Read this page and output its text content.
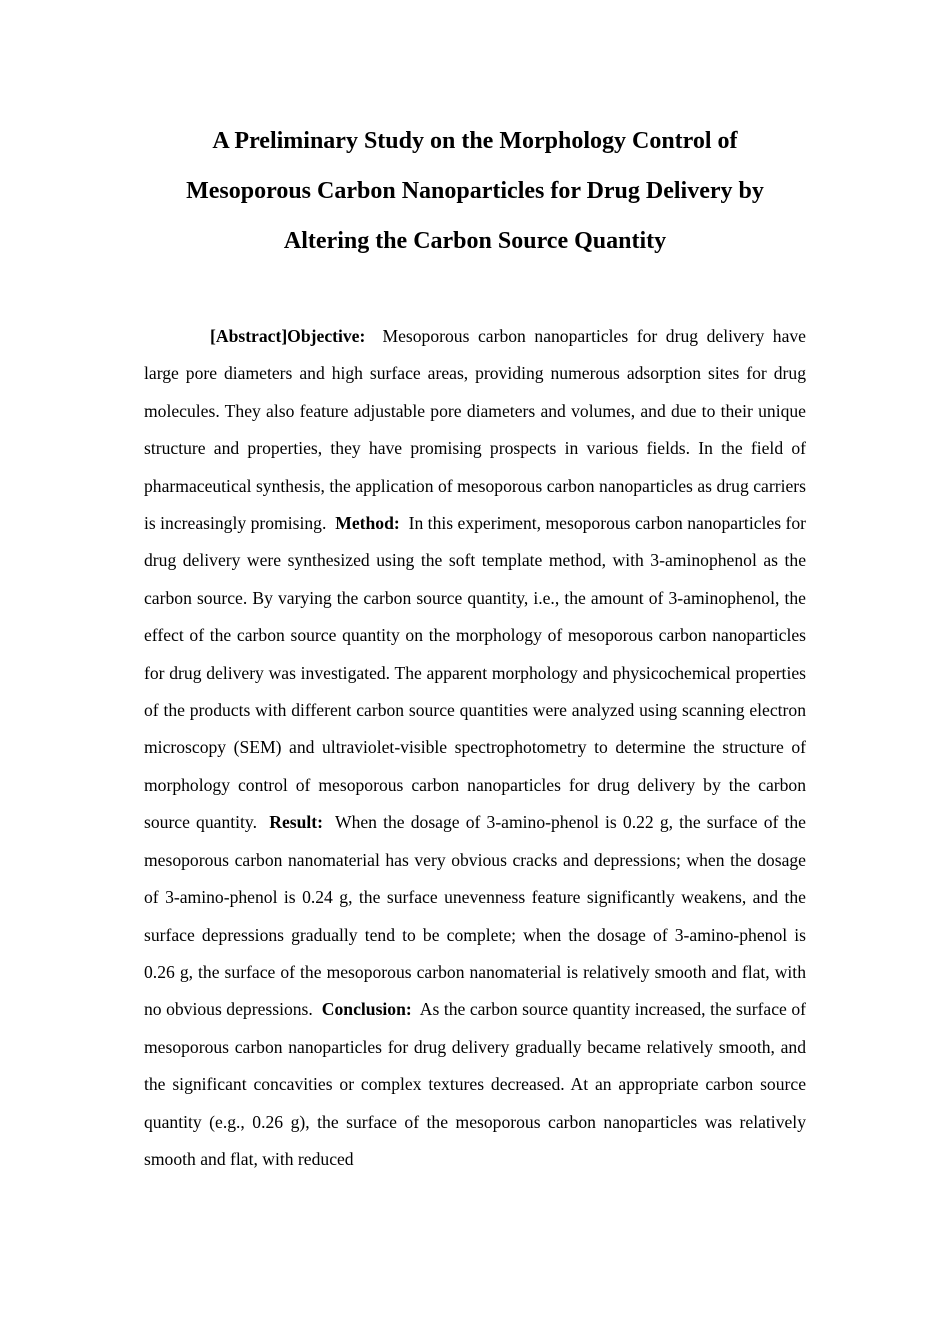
A Preliminary Study on the Morphology Control of Mesoporous Carbon Nanoparticles for Drug Delivery by Altering the Carbon Source Quantity

[Abstract]Objective: Mesoporous carbon nanoparticles for drug delivery have large pore diameters and high surface areas, providing numerous adsorption sites for drug molecules. They also feature adjustable pore diameters and volumes, and due to their unique structure and properties, they have promising prospects in various fields. In the field of pharmaceutical synthesis, the application of mesoporous carbon nanoparticles as drug carriers is increasingly promising. Method: In this experiment, mesoporous carbon nanoparticles for drug delivery were synthesized using the soft template method, with 3-aminophenol as the carbon source. By varying the carbon source quantity, i.e., the amount of 3-aminophenol, the effect of the carbon source quantity on the morphology of mesoporous carbon nanoparticles for drug delivery was investigated. The apparent morphology and physicochemical properties of the products with different carbon source quantities were analyzed using scanning electron microscopy (SEM) and ultraviolet-visible spectrophotometry to determine the structure of morphology control of mesoporous carbon nanoparticles for drug delivery by the carbon source quantity. Result: When the dosage of 3-amino-phenol is 0.22 g, the surface of the mesoporous carbon nanomaterial has very obvious cracks and depressions; when the dosage of 3-amino-phenol is 0.24 g, the surface unevenness feature significantly weakens, and the surface depressions gradually tend to be complete; when the dosage of 3-amino-phenol is 0.26 g, the surface of the mesoporous carbon nanomaterial is relatively smooth and flat, with no obvious depressions. Conclusion: As the carbon source quantity increased, the surface of mesoporous carbon nanoparticles for drug delivery gradually became relatively smooth, and the significant concavities or complex textures decreased. At an appropriate carbon source quantity (e.g., 0.26 g), the surface of the mesoporous carbon nanoparticles was relatively smooth and flat, with reduced
